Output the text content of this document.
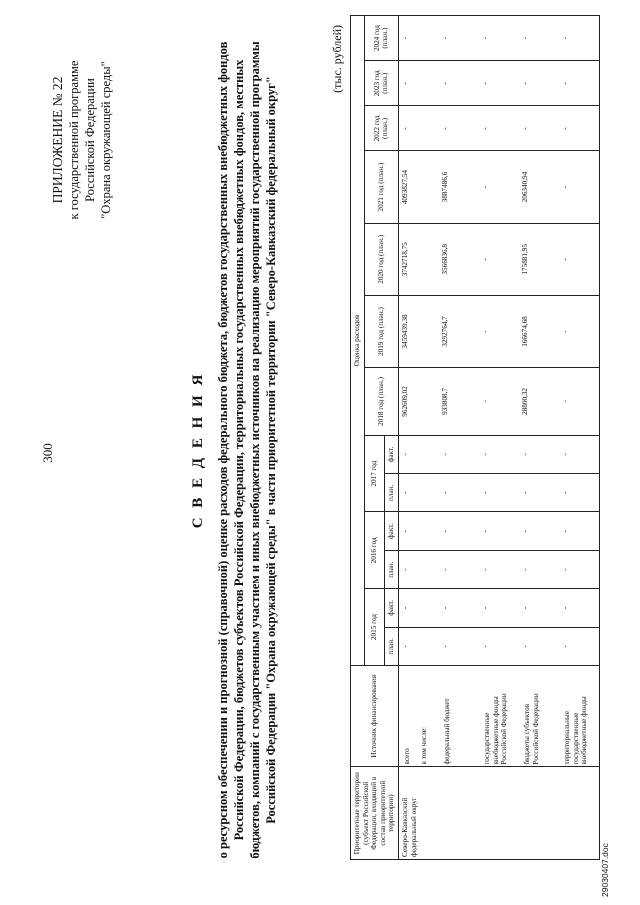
300
ПРИЛОЖЕНИЕ № 22 к государственной программе Российской Федерации "Охрана окружающей среды"
С В Е Д Е Н И Я о ресурсном обеспечении и прогнозной (справочной) оценке расходов федерального бюджета, бюджетов государственных внебюджетных фондов Российской Федерации, бюджетов субъектов Российской Федерации, территориальных государственных внебюджетных фондов, местных бюджетов, компаний с государственным участием и иных внебюджетных источников на реализацию мероприятий государственной программы Российской Федерации "Охрана окружающей среды" в части приоритетной территории "Северо-Кавказский федеральный округ"
(тыс. рублей)
Приоритетные территории (субъект Российской Федерации, входящий в состав приоритетной территории)	Источник финансирования	Оценка расходов												
		2015 год		2016 год		2017 год		2018 год (план.)	2019 год (план.)	2020 год (план.)	2021 год (план.)	2022 год (план.)	2023 год (план.)	2024 год (план.)
		план.	факт.	план.	факт.	план.	факт.							
Северо-Кавказский федеральный округ	всего в том числе:	-	-	-	-	-	-	962609,02	3459439,38	3742718,75	4093827,54	-	-	-

	федеральный бюджет	-	-	-	-	-	-	933808,7	3292764,7	3566836,8	3887486,6	-	-	-

	государственные внебюджетные фонды Российской Федерации	-	-	-	-	-	-	-	-	-	-	-	-	-

	бюджеты субъектов Российской Федерации	-	-	-	-	-	-	28800,32	166674,68	175881,95	206340,94	-	-	-

	территориальные государственные внебюджетные фонды	-	-	-	-	-	-	-	-	-	-	-	-	-
29030407.doc
